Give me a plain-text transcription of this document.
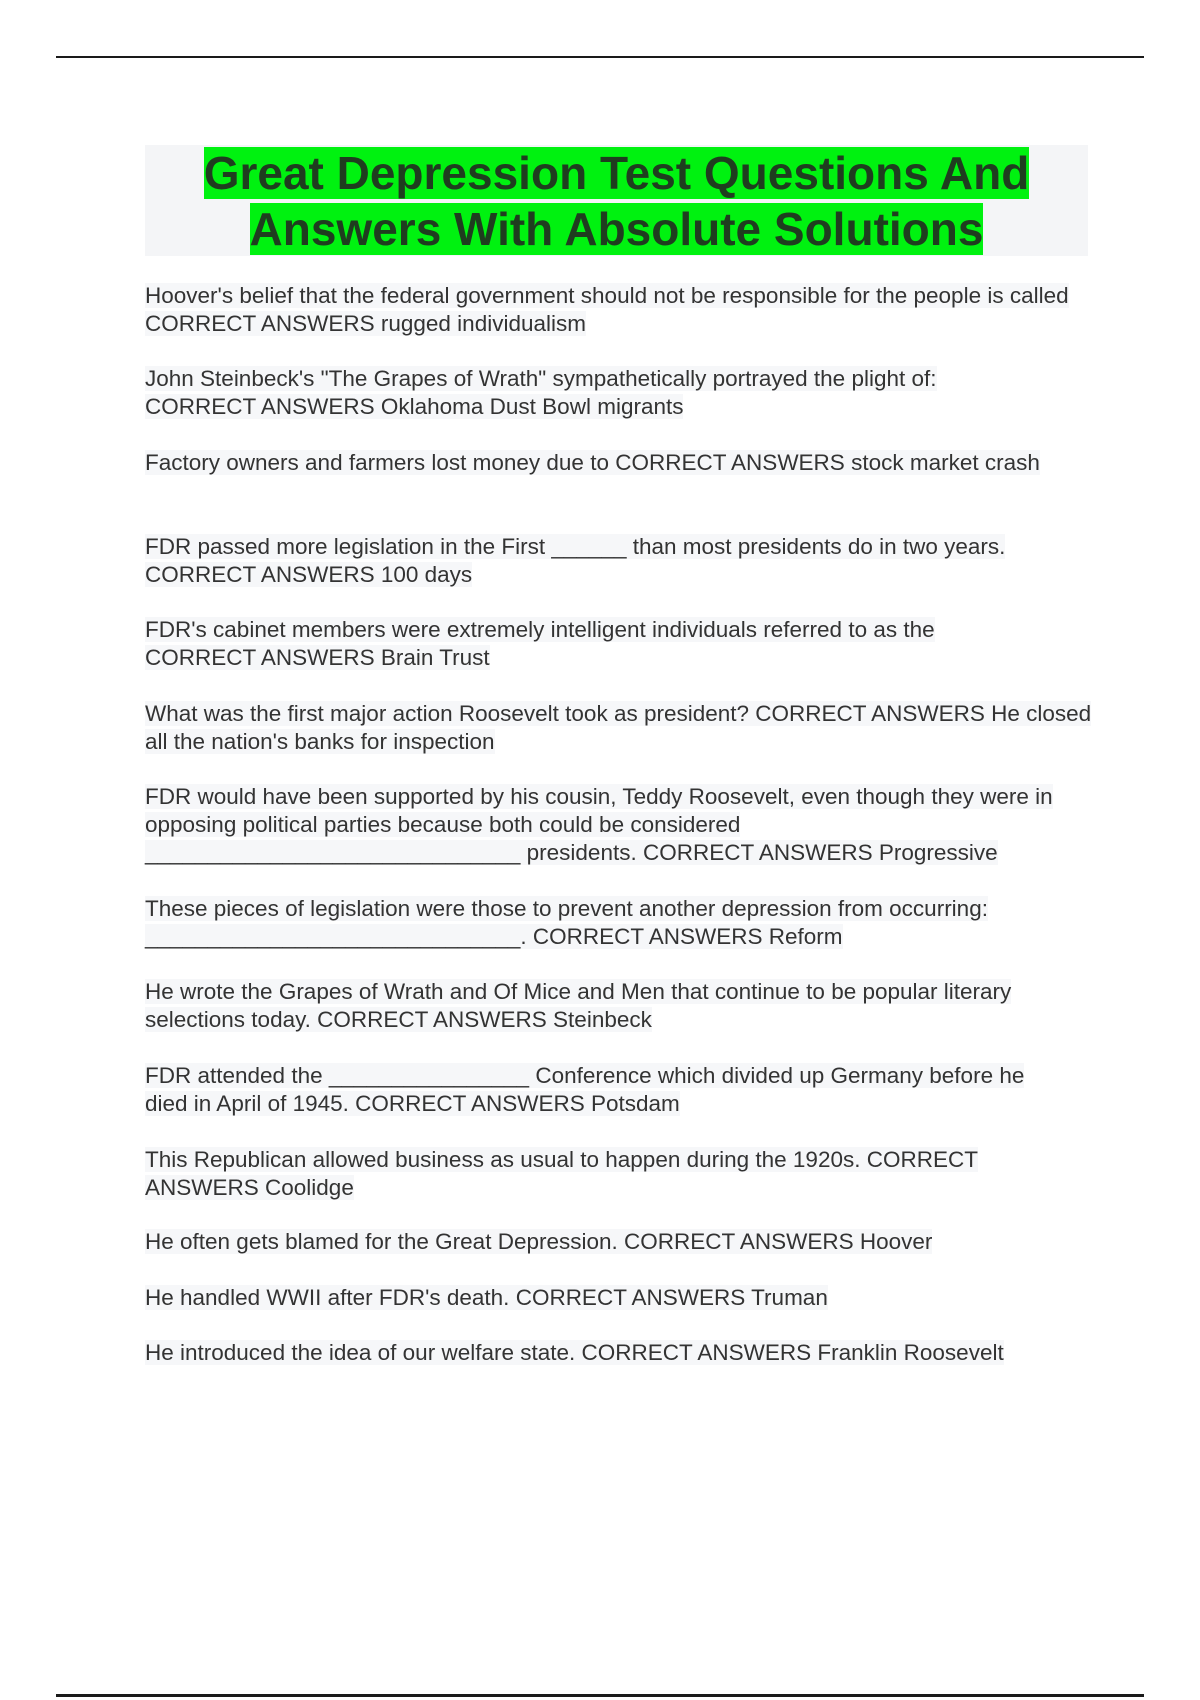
Great Depression Test Questions And Answers With Absolute Solutions

Hoover's belief that the federal government should not be responsible for the people is called CORRECT ANSWERS rugged individualism

John Steinbeck's "The Grapes of Wrath" sympathetically portrayed the plight of: CORRECT ANSWERS Oklahoma Dust Bowl migrants

Factory owners and farmers lost money due to CORRECT ANSWERS stock market crash

FDR passed more legislation in the First ______ than most presidents do in two years. CORRECT ANSWERS 100 days

FDR's cabinet members were extremely intelligent individuals referred to as the CORRECT ANSWERS Brain Trust

What was the first major action Roosevelt took as president? CORRECT ANSWERS He closed all the nation's banks for inspection

FDR would have been supported by his cousin, Teddy Roosevelt, even though they were in opposing political parties because both could be considered ______________________________ presidents. CORRECT ANSWERS Progressive

These pieces of legislation were those to prevent another depression from occurring: ______________________________. CORRECT ANSWERS Reform

He wrote the Grapes of Wrath and Of Mice and Men that continue to be popular literary selections today. CORRECT ANSWERS Steinbeck

FDR attended the ________________ Conference which divided up Germany before he died in April of 1945. CORRECT ANSWERS Potsdam

This Republican allowed business as usual to happen during the 1920s. CORRECT ANSWERS Coolidge

He often gets blamed for the Great Depression. CORRECT ANSWERS Hoover

He handled WWII after FDR's death. CORRECT ANSWERS Truman

He introduced the idea of our welfare state. CORRECT ANSWERS Franklin Roosevelt
